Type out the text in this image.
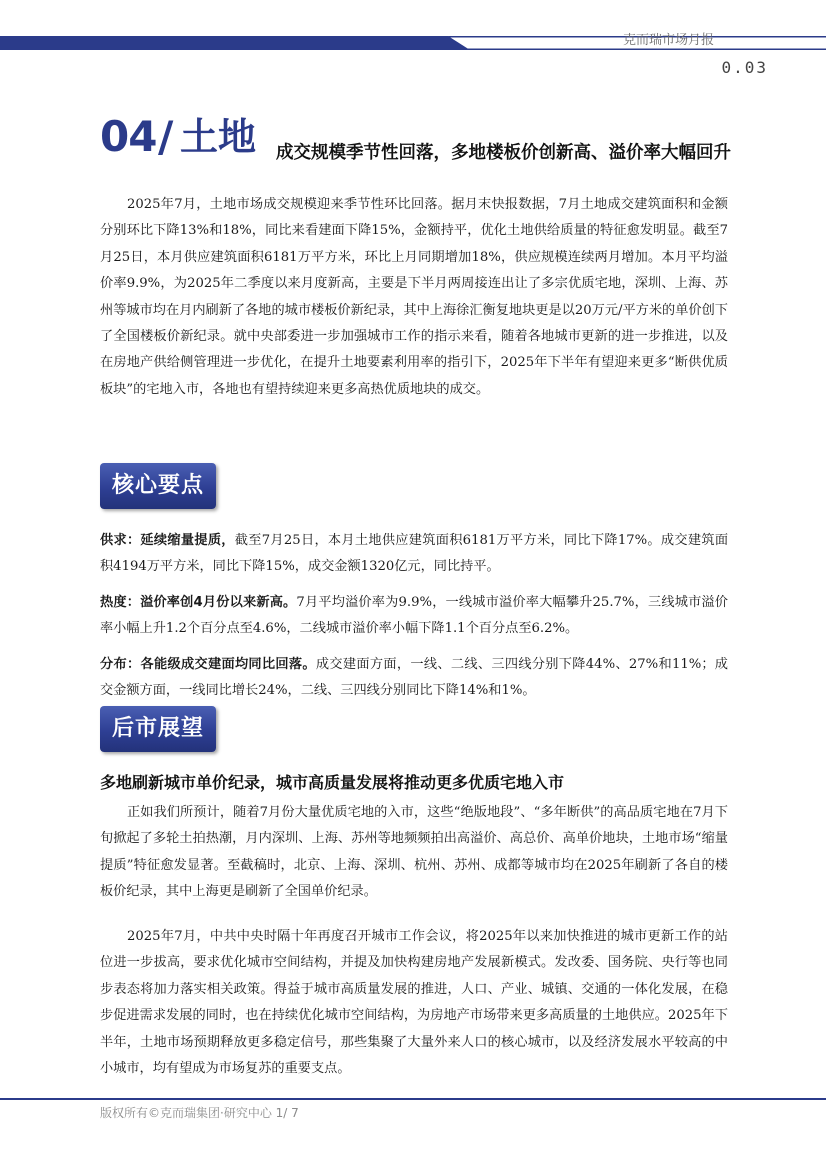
克而瑞市场月报
0.03
04 / 土地 成交规模季节性回落，多地楼板价创新高、溢价率大幅回升

2025年7月，土地市场成交规模迎来季节性环比回落。据月末快报数据，7月土地成交建筑面积和金额分别环比下降13%和18%，同比来看建面下降15%，金额持平，优化土地供给质量的特征愈发明显。截至7月25日，本月供应建筑面积6181万平方米，环比上月同期增加18%，供应规模连续两月增加。本月平均溢价率9.9%，为2025年二季度以来月度新高，主要是下半月两周接连出让了多宗优质宅地，深圳、上海、苏州等城市均在月内刷新了各地的城市楼板价新纪录，其中上海徐汇衡复地块更是以20万元/平方米的单价创下了全国楼板价新纪录。就中央部委进一步加强城市工作的指示来看，随着各地城市更新的进一步推进，以及在房地产供给侧管理进一步优化，在提升土地要素利用率的指引下，2025年下半年有望迎来更多“断供优质板块”的宅地入市，各地也有望持续迎来更多高热优质地块的成交。

核心要点

供求：延续缩量提质，截至7月25日，本月土地供应建筑面积6181万平方米，同比下降17%。成交建筑面积4194万平方米，同比下降15%，成交金额1320亿元，同比持平。

热度：溢价率创4月份以来新高。7月平均溢价率为9.9%，一线城市溢价率大幅攀升25.7%，三线城市溢价率小幅上升1.2个百分点至4.6%，二线城市溢价率小幅下降1.1个百分点至6.2%。

分布：各能级成交建面均同比回落。成交建面方面，一线、二线、三四线分别下降44%、27%和11%；成交金额方面，一线同比增长24%，二线、三四线分别同比下降14%和1%。

后市展望
多地刷新城市单价纪录，城市高质量发展将推动更多优质宅地入市

正如我们所预计，随着7月份大量优质宅地的入市，这些“绝版地段”、“多年断供”的高品质宅地在7月下旬掀起了多轮土拍热潮，月内深圳、上海、苏州等地频频拍出高溢价、高总价、高单价地块，土地市场“缩量提质”特征愈发显著。至截稿时，北京、上海、深圳、杭州、苏州、成都等城市均在2025年刷新了各自的楼板价纪录，其中上海更是刷新了全国单价纪录。

2025年7月，中共中央时隔十年再度召开城市工作会议，将2025年以来加快推进的城市更新工作的站位进一步拔高，要求优化城市空间结构，并提及加快构建房地产发展新模式。发改委、国务院、央行等也同步表态将加力落实相关政策。得益于城市高质量发展的推进，人口、产业、城镇、交通的一体化发展，在稳步促进需求发展的同时，也在持续优化城市空间结构，为房地产市场带来更多高质量的土地供应。2025年下半年，土地市场预期释放更多稳定信号，那些集聚了大量外来人口的核心城市，以及经济发展水平较高的中小城市，均有望成为市场复苏的重要支点。

版权所有©克而瑞集团·研究中心 1/ 7
